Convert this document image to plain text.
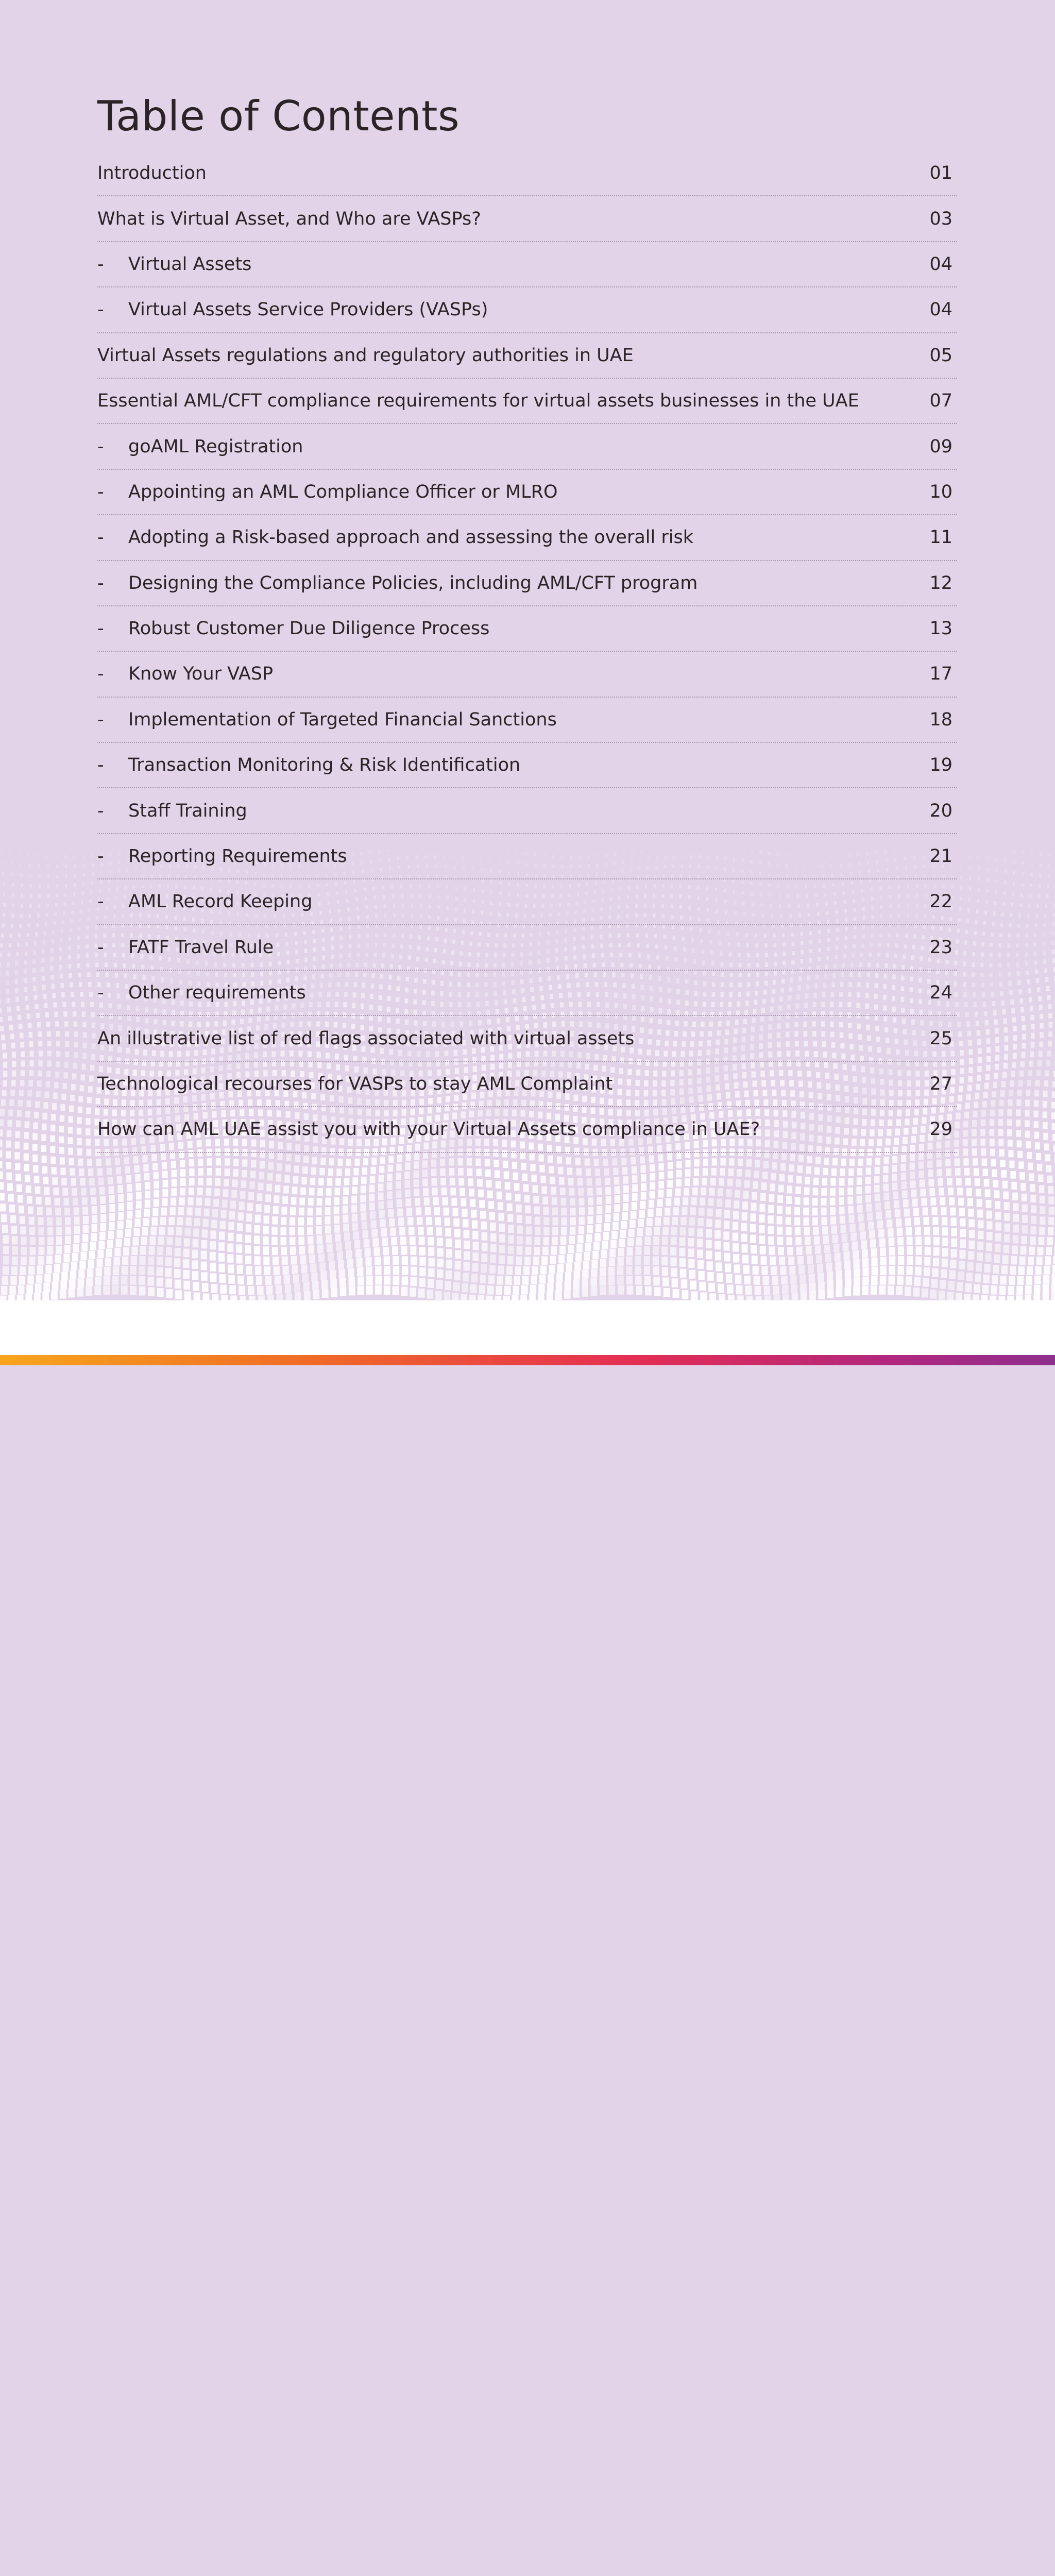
Table of Contents
Introduction	01
What is Virtual Asset, and Who are VASPs?	03
-	Virtual Assets	04
-	Virtual Assets Service Providers (VASPs)	04
Virtual Assets regulations and regulatory authorities in UAE	05
Essential AML/CFT compliance requirements for virtual assets businesses in the UAE	07
-	goAML Registration	09
-	Appointing an AML Compliance Officer or MLRO	10
-	Adopting a Risk-based approach and assessing the overall risk	11
-	Designing the Compliance Policies, including AML/CFT program	12
-	Robust Customer Due Diligence Process	13
-	Know Your VASP	17
-	Implementation of Targeted Financial Sanctions	18
-	Transaction Monitoring & Risk Identification	19
-	Staff Training	20
-	Reporting Requirements	21
-	AML Record Keeping	22
-	FATF Travel Rule	23
-	Other requirements	24
An illustrative list of red flags associated with virtual assets	25
Technological recourses for VASPs to stay AML Complaint	27
How can AML UAE assist you with your Virtual Assets compliance in UAE?	29
